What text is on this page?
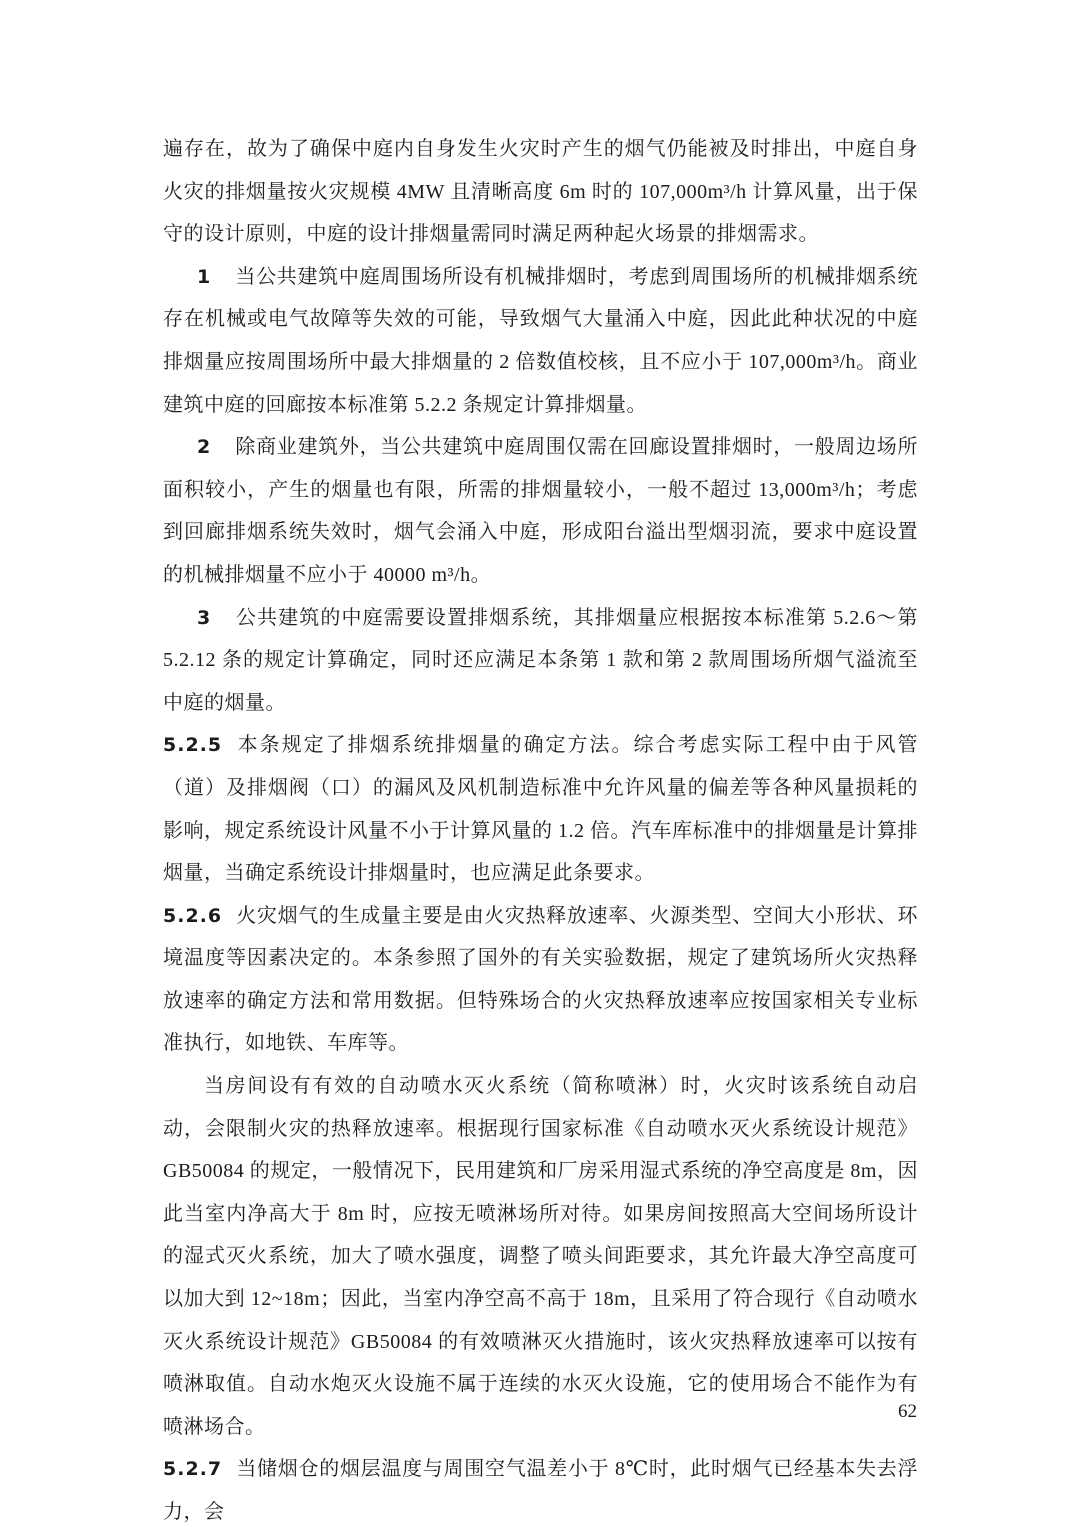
遍存在，故为了确保中庭内自身发生火灾时产生的烟气仍能被及时排出，中庭自身火灾的排烟量按火灾规模 4MW 且清晰高度 6m 时的 107,000m³/h 计算风量，出于保守的设计原则，中庭的设计排烟量需同时满足两种起火场景的排烟需求。

1 当公共建筑中庭周围场所设有机械排烟时，考虑到周围场所的机械排烟系统存在机械或电气故障等失效的可能，导致烟气大量涌入中庭，因此此种状况的中庭排烟量应按周围场所中最大排烟量的 2 倍数值校核，且不应小于 107,000m³/h。商业建筑中庭的回廊按本标准第 5.2.2 条规定计算排烟量。

2 除商业建筑外，当公共建筑中庭周围仅需在回廊设置排烟时，一般周边场所面积较小，产生的烟量也有限，所需的排烟量较小，一般不超过 13,000m³/h；考虑到回廊排烟系统失效时，烟气会涌入中庭，形成阳台溢出型烟羽流，要求中庭设置的机械排烟量不应小于 40000 m³/h。

3 公共建筑的中庭需要设置排烟系统，其排烟量应根据按本标准第 5.2.6～第 5.2.12 条的规定计算确定，同时还应满足本条第 1 款和第 2 款周围场所烟气溢流至中庭的烟量。

5.2.5 本条规定了排烟系统排烟量的确定方法。综合考虑实际工程中由于风管（道）及排烟阀（口）的漏风及风机制造标准中允许风量的偏差等各种风量损耗的影响，规定系统设计风量不小于计算风量的 1.2 倍。汽车库标准中的排烟量是计算排烟量，当确定系统设计排烟量时，也应满足此条要求。

5.2.6 火灾烟气的生成量主要是由火灾热释放速率、火源类型、空间大小形状、环境温度等因素决定的。本条参照了国外的有关实验数据，规定了建筑场所火灾热释放速率的确定方法和常用数据。但特殊场合的火灾热释放速率应按国家相关专业标准执行，如地铁、车库等。

当房间设有有效的自动喷水灭火系统（简称喷淋）时，火灾时该系统自动启动，会限制火灾的热释放速率。根据现行国家标准《自动喷水灭火系统设计规范》GB50084 的规定，一般情况下，民用建筑和厂房采用湿式系统的净空高度是 8m，因此当室内净高大于 8m 时，应按无喷淋场所对待。如果房间按照高大空间场所设计的湿式灭火系统，加大了喷水强度，调整了喷头间距要求，其允许最大净空高度可以加大到 12~18m；因此，当室内净空高不高于 18m，且采用了符合现行《自动喷水灭火系统设计规范》GB50084 的有效喷淋灭火措施时，该火灾热释放速率可以按有喷淋取值。自动水炮灭火设施不属于连续的水灭火设施，它的使用场合不能作为有喷淋场合。

5.2.7 当储烟仓的烟层温度与周围空气温差小于 8℃时，此时烟气已经基本失去浮力，会

62
